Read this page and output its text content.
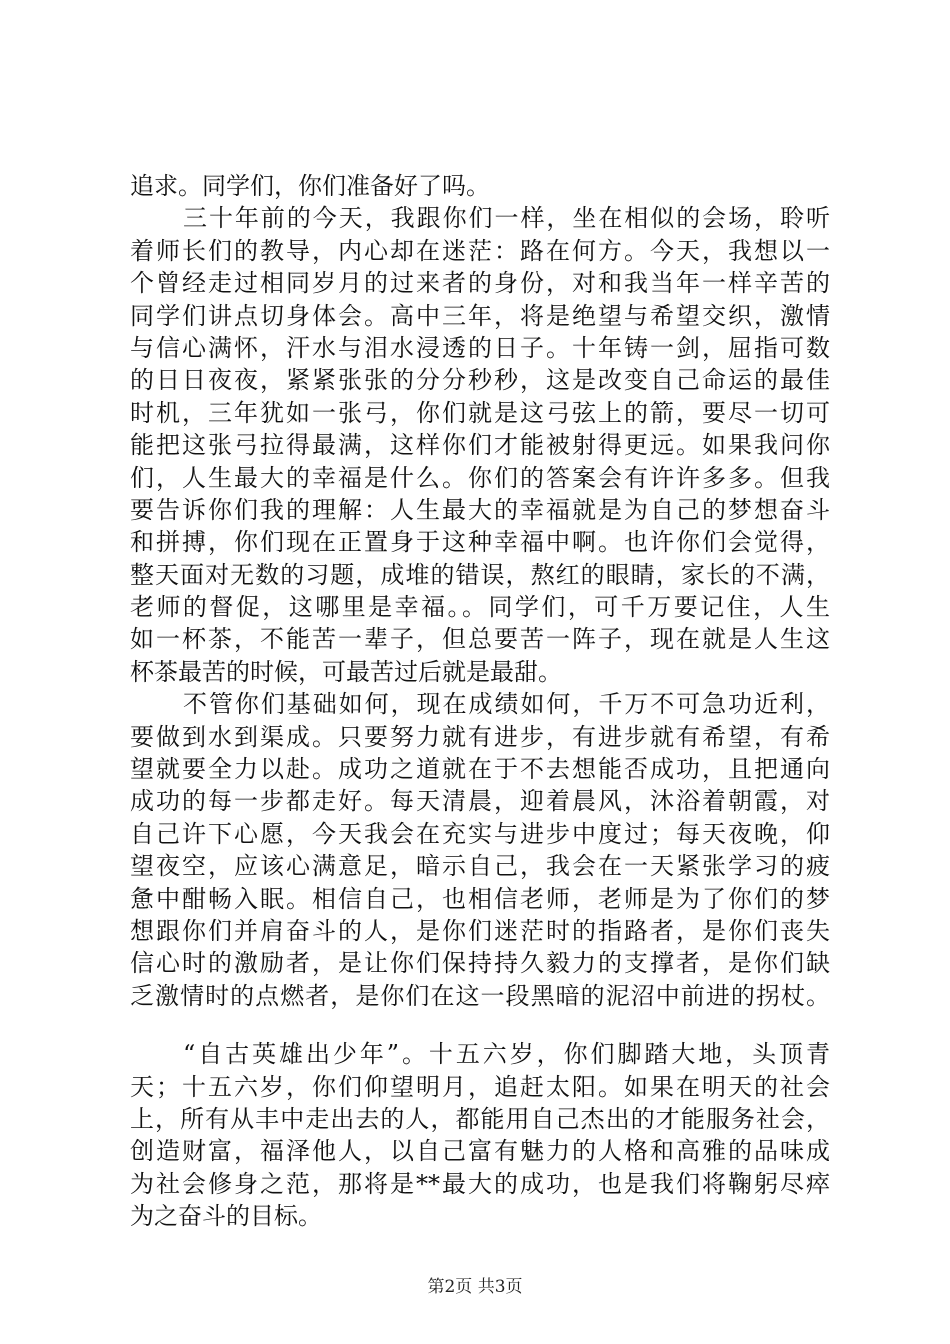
追求。同学们，你们准备好了吗。
三十年前的今天，我跟你们一样，坐在相似的会场，聆听
着师长们的教导，内心却在迷茫：路在何方。今天，我想以一
个曾经走过相同岁月的过来者的身份，对和我当年一样辛苦的
同学们讲点切身体会。高中三年，将是绝望与希望交织，激情
与信心满怀，汗水与泪水浸透的日子。十年铸一剑，屈指可数
的日日夜夜，紧紧张张的分分秒秒，这是改变自己命运的最佳
时机，三年犹如一张弓，你们就是这弓弦上的箭，要尽一切可
能把这张弓拉得最满，这样你们才能被射得更远。如果我问你
们，人生最大的幸福是什么。你们的答案会有许许多多。但我
要告诉你们我的理解：人生最大的幸福就是为自己的梦想奋斗
和拼搏，你们现在正置身于这种幸福中啊。也许你们会觉得，
整天面对无数的习题，成堆的错误，熬红的眼睛，家长的不满，
老师的督促，这哪里是幸福。。同学们，可千万要记住，人生
如一杯茶，不能苦一辈子，但总要苦一阵子，现在就是人生这
杯茶最苦的时候，可最苦过后就是最甜。
不管你们基础如何，现在成绩如何，千万不可急功近利，
要做到水到渠成。只要努力就有进步，有进步就有希望，有希
望就要全力以赴。成功之道就在于不去想能否成功，且把通向
成功的每一步都走好。每天清晨，迎着晨风，沐浴着朝霞，对
自己许下心愿，今天我会在充实与进步中度过；每天夜晚，仰
望夜空，应该心满意足，暗示自己，我会在一天紧张学习的疲
惫中酣畅入眠。相信自己，也相信老师，老师是为了你们的梦
想跟你们并肩奋斗的人，是你们迷茫时的指路者，是你们丧失
信心时的激励者，是让你们保持持久毅力的支撑者，是你们缺
乏激情时的点燃者，是你们在这一段黑暗的泥沼中前进的拐杖。
“自古英雄出少年”。十五六岁，你们脚踏大地，头顶青
天；十五六岁，你们仰望明月，追赶太阳。如果在明天的社会
上，所有从丰中走出去的人，都能用自己杰出的才能服务社会，
创造财富，福泽他人，以自己富有魅力的人格和高雅的品味成
为社会修身之范，那将是**最大的成功，也是我们将鞠躬尽瘁
为之奋斗的目标。
第2页 共3页
